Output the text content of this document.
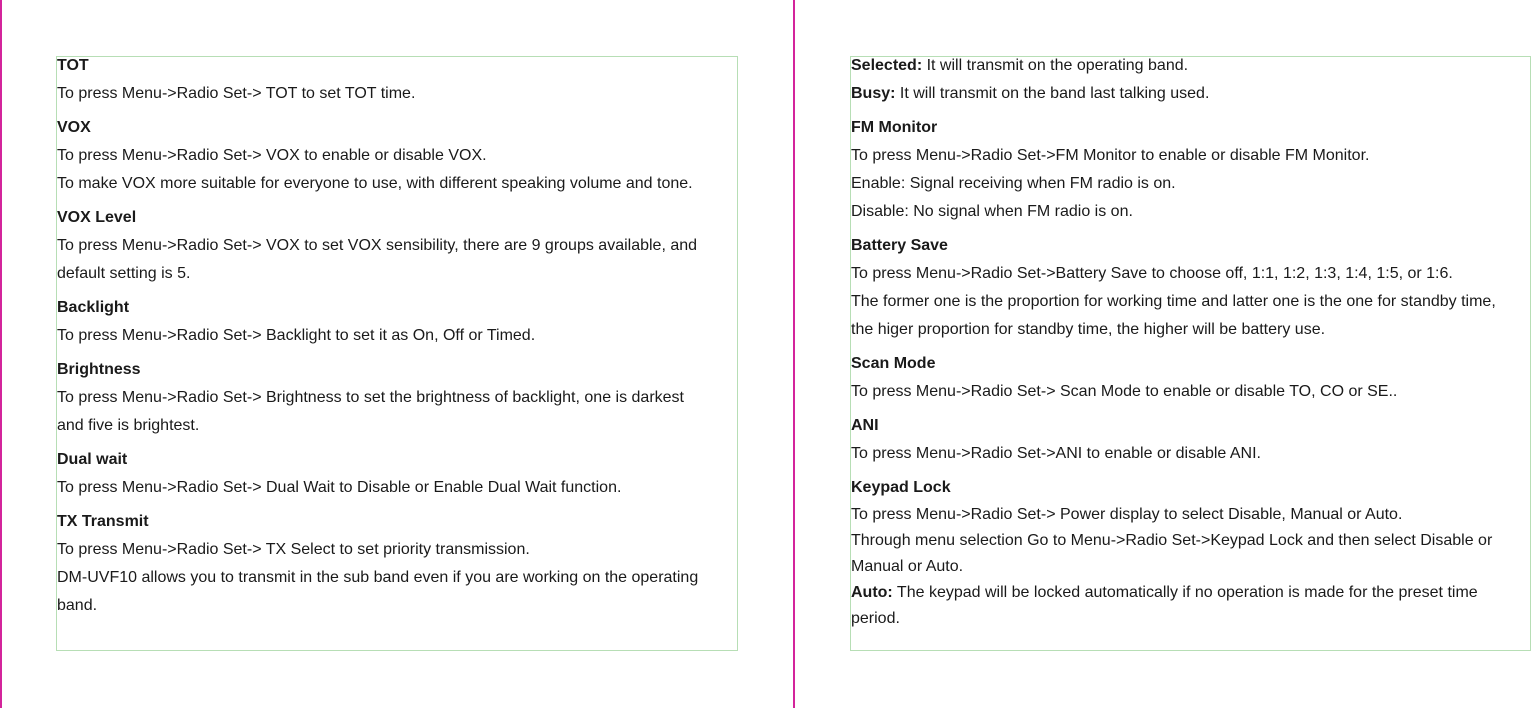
TOT
To press Menu->Radio Set-> TOT to set TOT time.
VOX
To press Menu->Radio Set-> VOX to enable or disable VOX.
To make VOX more suitable for everyone to use, with different speaking volume and tone.
VOX Level
To press Menu->Radio Set-> VOX to set VOX sensibility, there are 9 groups available, and
default setting is 5.
Backlight
To press Menu->Radio Set-> Backlight to set it as On, Off or Timed.
Brightness
To press Menu->Radio Set-> Brightness to set the brightness of backlight, one is darkest
and five is brightest.
Dual wait
To press Menu->Radio Set-> Dual Wait to Disable or Enable Dual Wait function.
TX Transmit
To press Menu->Radio Set-> TX Select to set priority transmission.
DM-UVF10 allows you to transmit in the sub band even if you are working on the operating
band.
Selected: It will transmit on the operating band.
Busy: It will transmit on the band last talking used.
FM Monitor
To press Menu->Radio Set->FM Monitor to enable or disable FM Monitor.
Enable: Signal receiving when FM radio is on.
Disable: No signal when FM radio is on.
Battery Save
To press Menu->Radio Set->Battery Save to choose off, 1:1, 1:2, 1:3, 1:4, 1:5, or 1:6.
The former one is the proportion for working time and latter one is the one for standby time,
the higer proportion for standby time, the higher will be battery use.
Scan Mode
To press Menu->Radio Set-> Scan Mode to enable or disable TO, CO or SE..
ANI
To press Menu->Radio Set->ANI to enable or disable ANI.
Keypad Lock
To press Menu->Radio Set-> Power display to select Disable, Manual or Auto.
Through menu selection Go to Menu->Radio Set->Keypad Lock and then select Disable or
Manual or Auto.
Auto: The keypad will be locked automatically if no operation is made for the preset time
period.
